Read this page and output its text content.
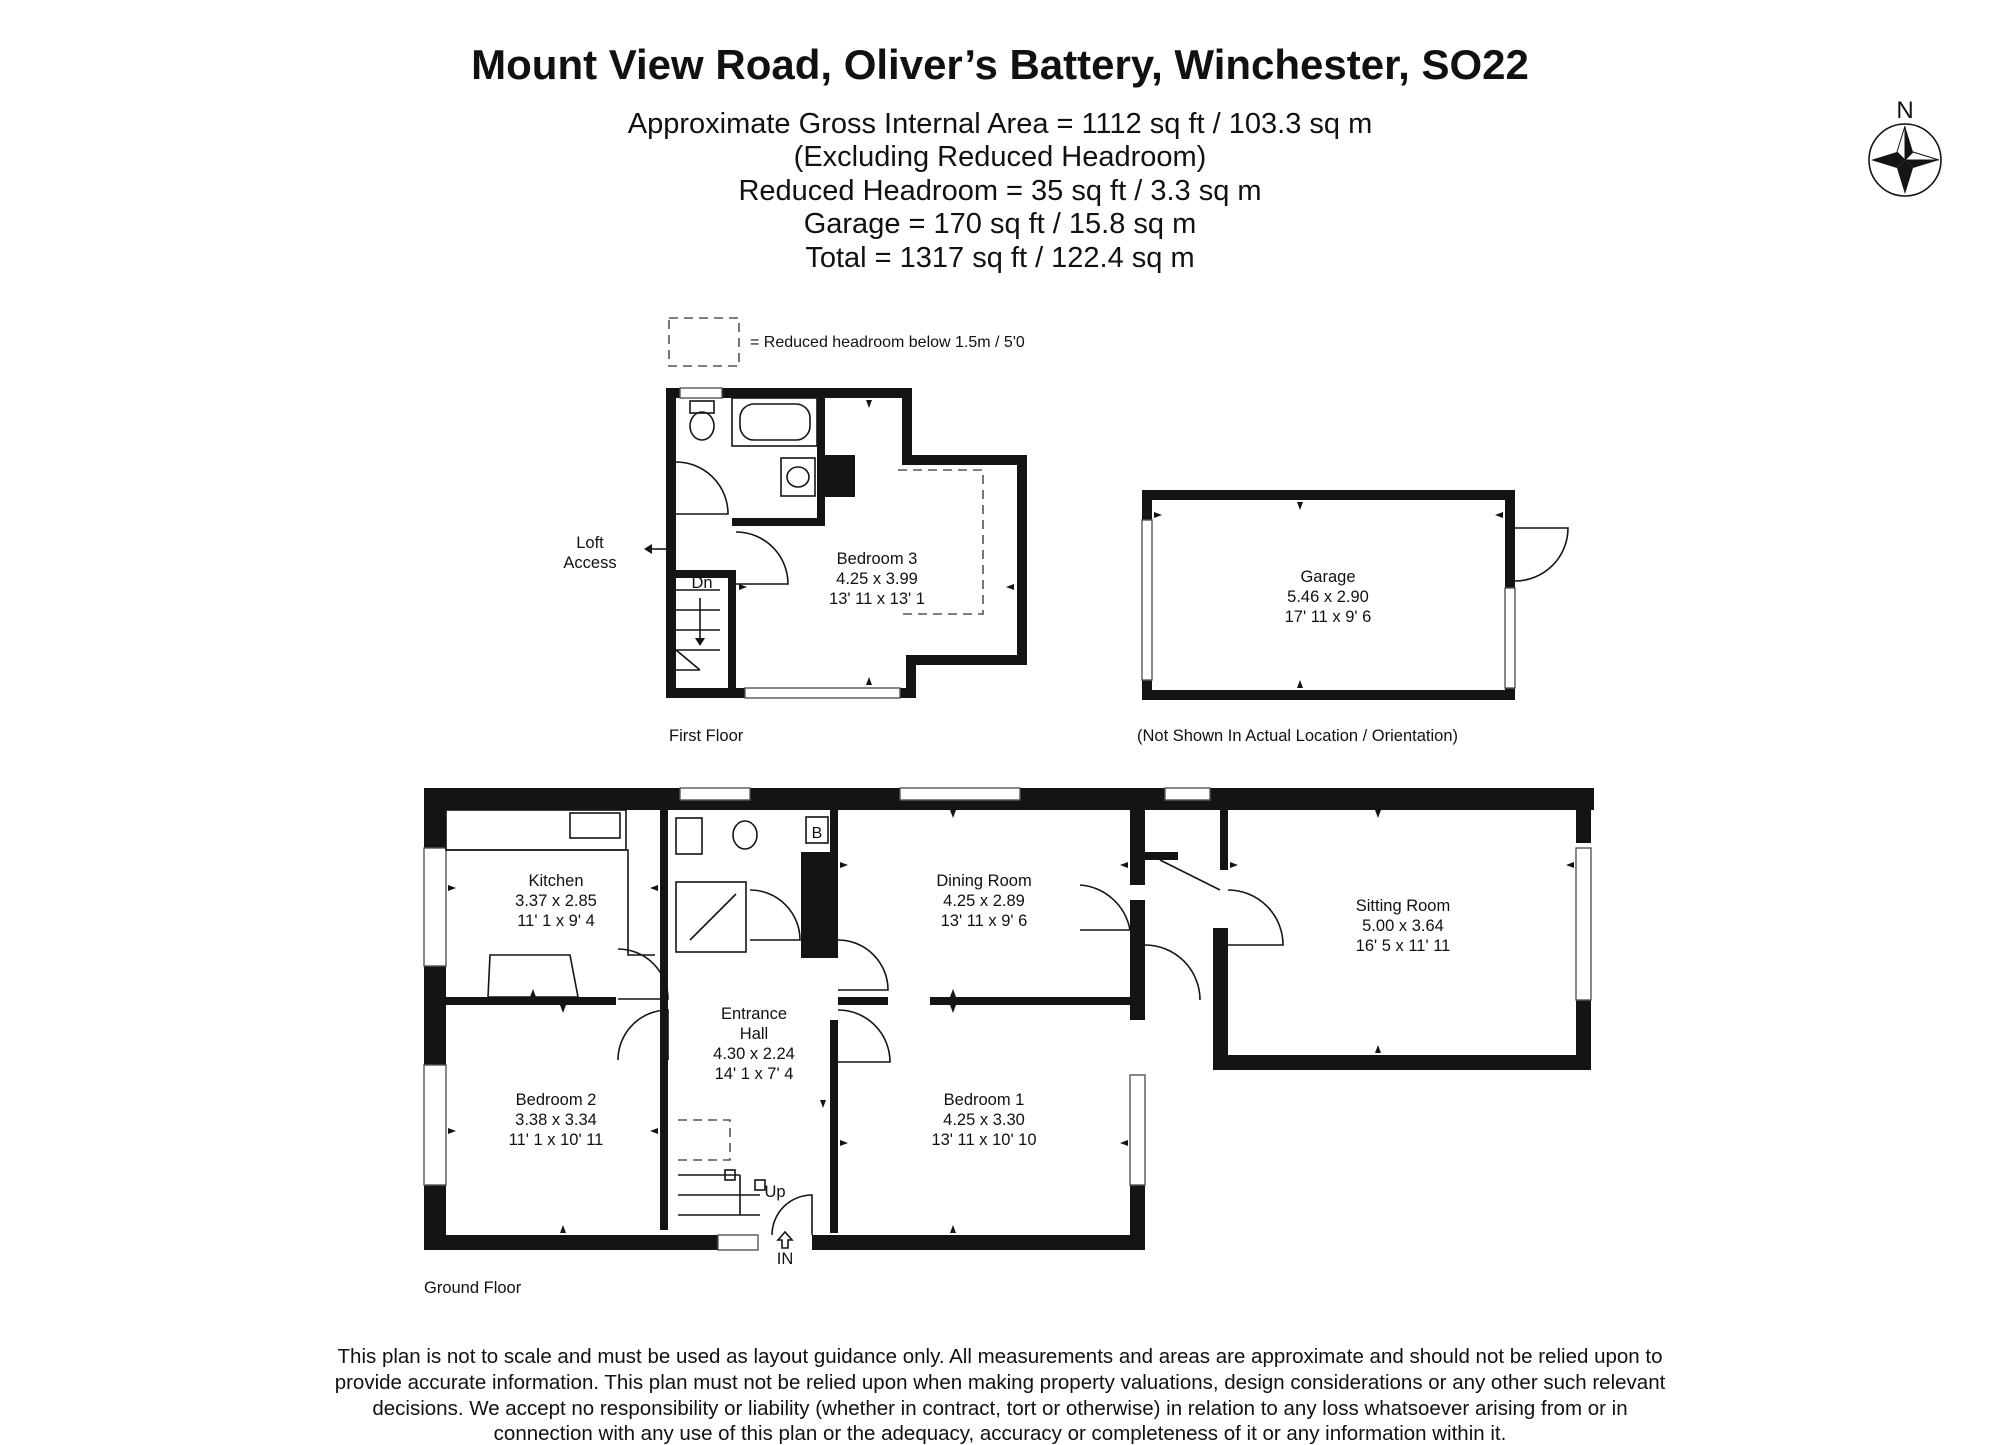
Mount View Road, Oliver’s Battery, Winchester, SO22
Approximate Gross Internal Area = 1112 sq ft / 103.3 sq m
(Excluding Reduced Headroom)
Reduced Headroom = 35 sq ft / 3.3 sq m
Garage = 170 sq ft / 15.8 sq m
Total = 1317 sq ft / 122.4 sq m
N
= Reduced headroom below 1.5m / 5'0
Loft
Access
Dn
Bedroom 3
4.25 x 3.99
13' 11 x 13' 1
First Floor
Garage
5.46 x 2.90
17' 11 x 9' 6
(Not Shown In Actual Location / Orientation)
B
Up
IN
Kitchen
3.37 x 2.85
11' 1 x 9' 4
Dining Room
4.25 x 2.89
13' 11 x 9' 6
Sitting Room
5.00 x 3.64
16' 5 x 11' 11
Entrance
Hall
4.30 x 2.24
14' 1 x 7' 4
Bedroom 2
3.38 x 3.34
11' 1 x 10' 11
Bedroom 1
4.25 x 3.30
13' 11 x 10' 10
Ground Floor
This plan is not to scale and must be used as layout guidance only. All measurements and areas are approximate and should not be relied upon to
provide accurate information. This plan must not be relied upon when making property valuations, design considerations or any other such relevant
decisions. We accept no responsibility or liability (whether in contract, tort or otherwise) in relation to any loss whatsoever arising from or in
connection with any use of this plan or the adequacy, accuracy or completeness of it or any information within it.
